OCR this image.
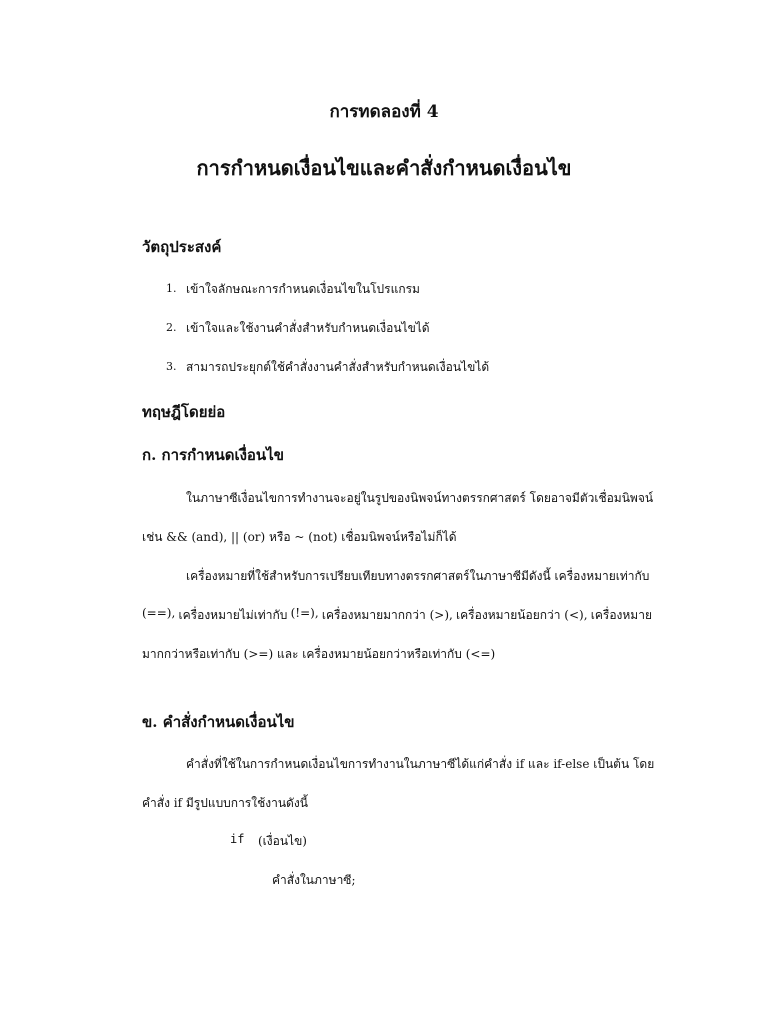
การทดลองที่ 4
การกำหนดเงื่อนไขและคำสั่งกำหนดเงื่อนไข
วัตถุประสงค์
1. เข้าใจลักษณะการกำหนดเงื่อนไขในโปรแกรม
2. เข้าใจและใช้งานคำสั่งสำหรับกำหนดเงื่อนไขได้
3. สามารถประยุกต์ใช้คำสั่งงานคำสั่งสำหรับกำหนดเงื่อนไขได้
ทฤษฎีโดยย่อ
ก. การกำหนดเงื่อนไข
ในภาษาซีเงื่อนไขการทำงานจะอยู่ในรูปของนิพจน์ทางตรรกศาสตร์ โดยอาจมีตัวเชื่อมนิพจน์
เช่น && (and), || (or) หรือ ~ (not) เชื่อมนิพจน์หรือไม่ก็ได้
เครื่องหมายที่ใช้สำหรับการเปรียบเทียบทางตรรกศาสตร์ในภาษาซีมีดังนี้ เครื่องหมายเท่ากับ
(==), เครื่องหมายไม่เท่ากับ (!=), เครื่องหมายมากกว่า (>), เครื่องหมายน้อยกว่า (<), เครื่องหมาย
มากกว่าหรือเท่ากับ (>=) และ เครื่องหมายน้อยกว่าหรือเท่ากับ (<=)
ข. คำสั่งกำหนดเงื่อนไข
คำสั่งที่ใช้ในการกำหนดเงื่อนไขการทำงานในภาษาซีได้แก่คำสั่ง if และ if-else เป็นต้น โดย
คำสั่ง if มีรูปแบบการใช้งานดังนี้
if (เงื่อนไข)
คำสั่งในภาษาซี;
